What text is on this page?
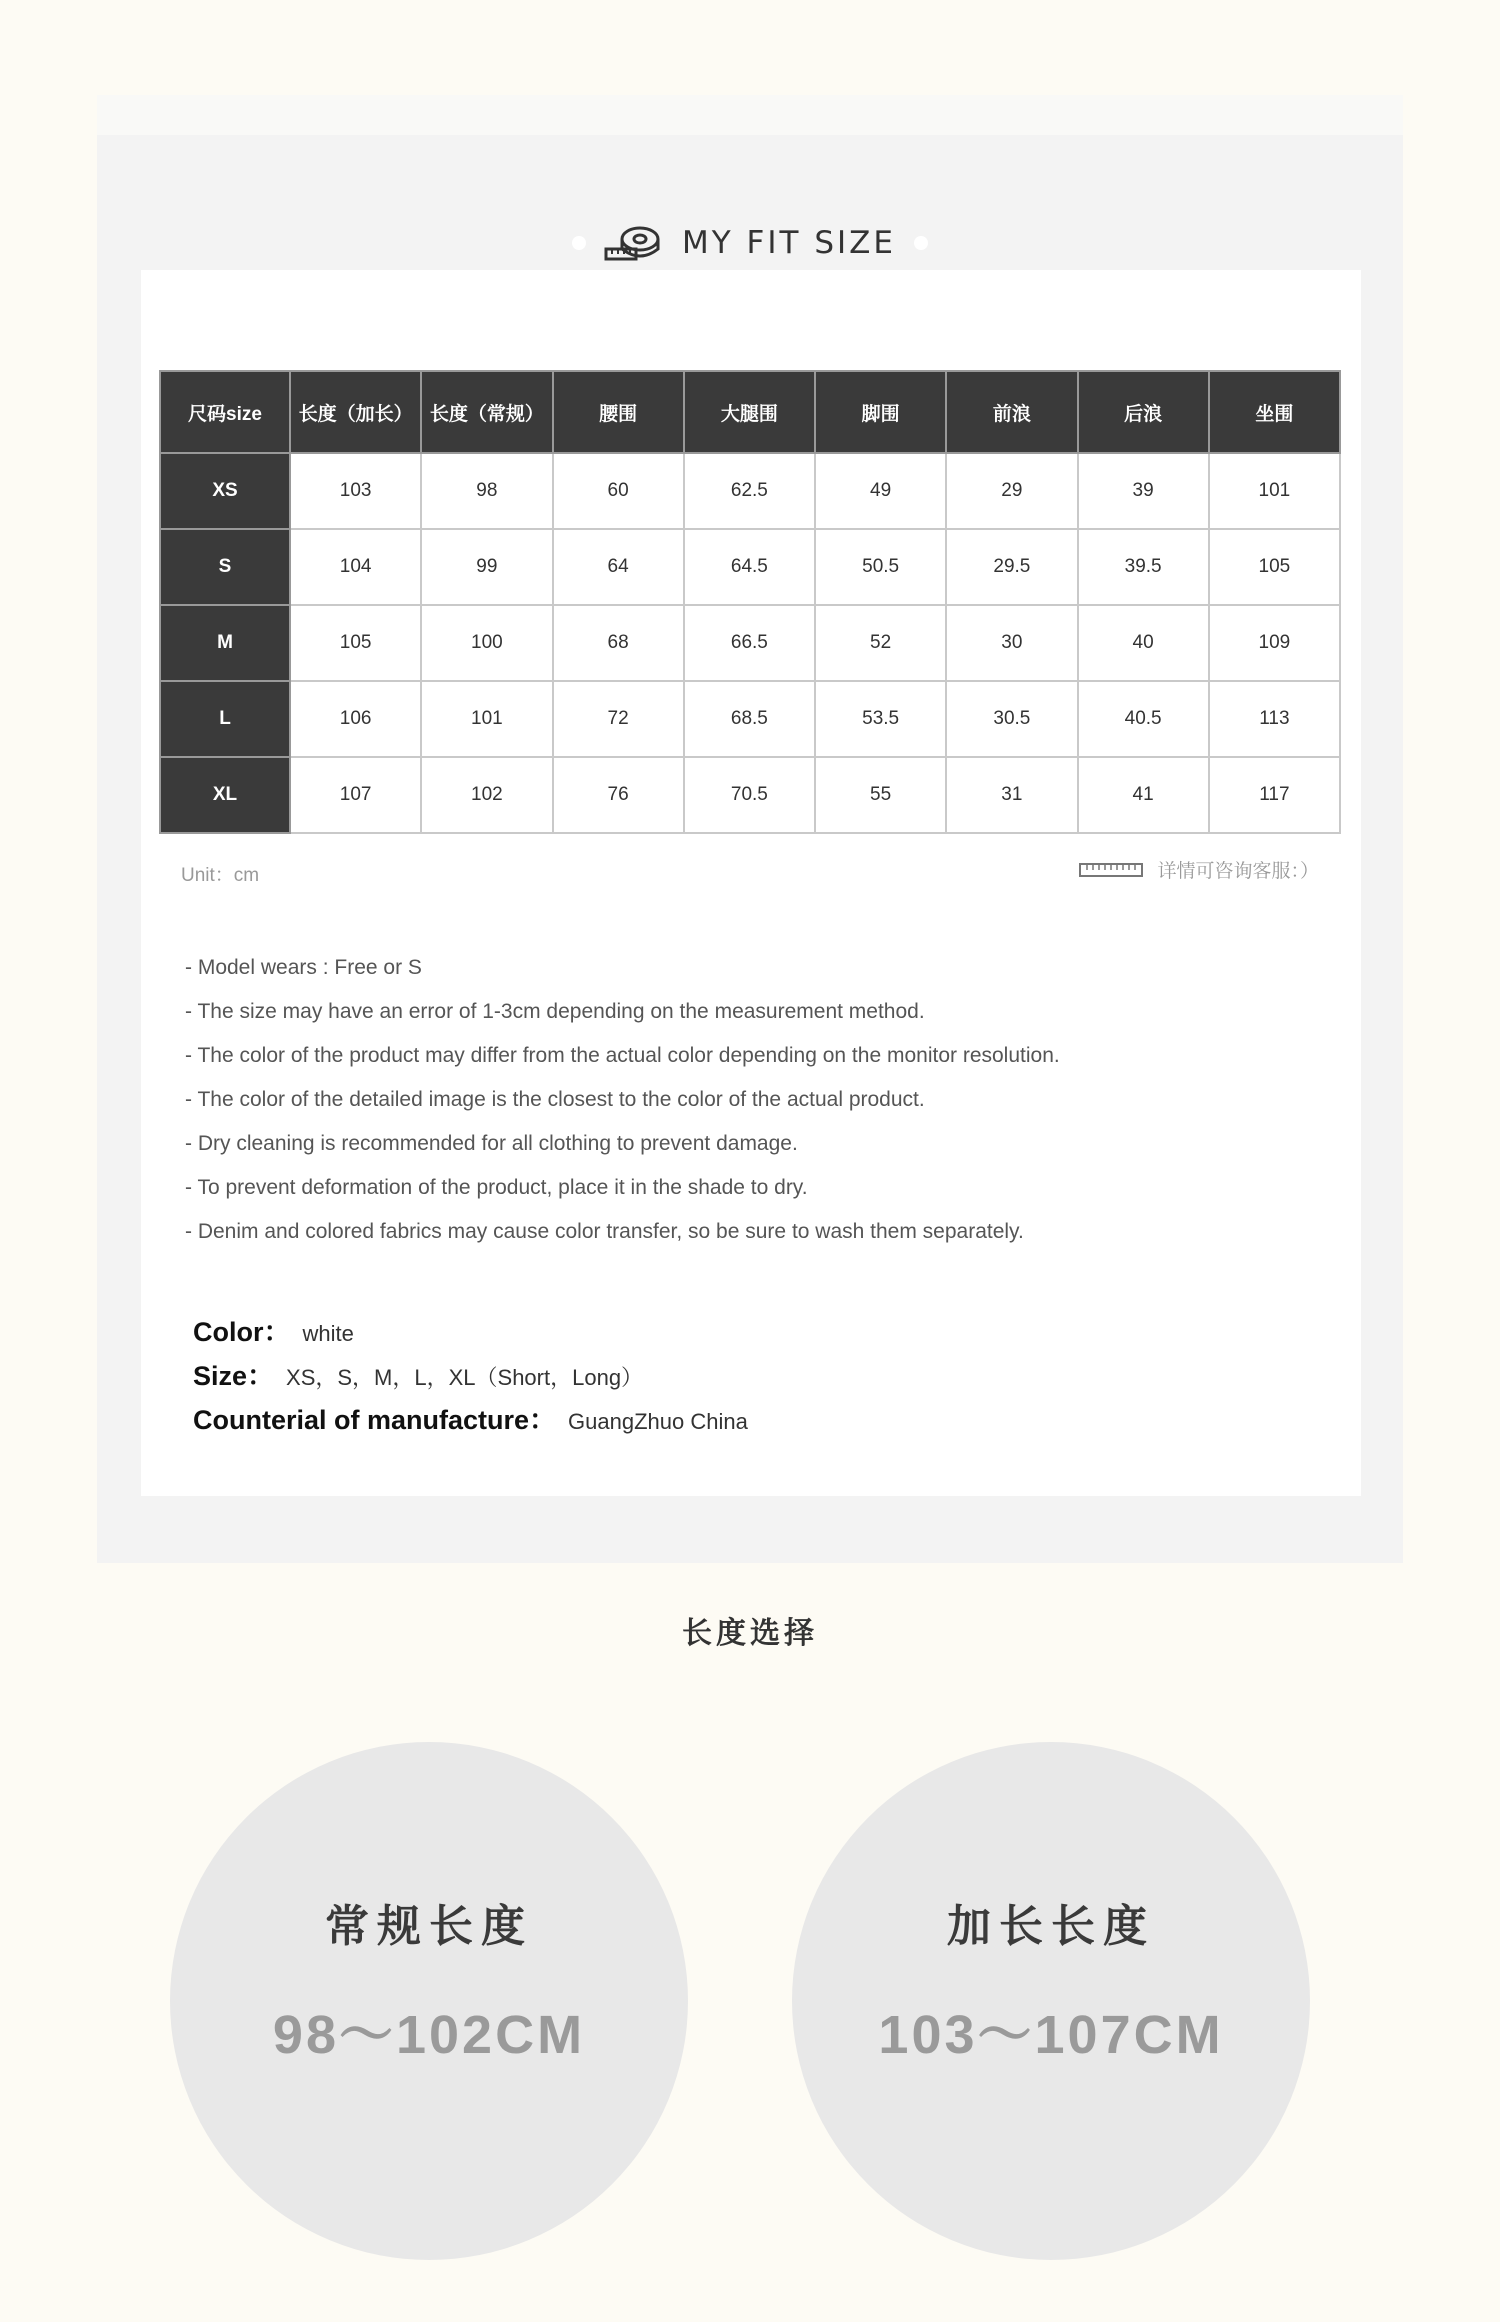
MY FIT SIZE
尺码size	长度（加长）	长度（常规）	腰围	大腿围	脚围	前浪	后浪	坐围
XS	103	98	60	62.5	49	29	39	101
S	104	99	64	64.5	50.5	29.5	39.5	105
M	105	100	68	66.5	52	30	40	109
L	106	101	72	68.5	53.5	30.5	40.5	113
XL	107	102	76	70.5	55	31	41	117
Unit：cm	详情可咨询客服：）
- Model wears : Free or S
- The size may have an error of 1-3cm depending on the measurement method.
- The color of the product may differ from the actual color depending on the monitor resolution.
- The color of the detailed image is the closest to the color of the actual product.
- Dry cleaning is recommended for all clothing to prevent damage.
- To prevent deformation of the product, place it in the shade to dry.
- Denim and colored fabrics may cause color transfer, so be sure to wash them separately.
Color： white
Size： XS，S，M，L，XL（Short，Long）
Counterial of manufacture： GuangZhuo China
长度选择
常规长度
98～102CM
加长长度
103～107CM
